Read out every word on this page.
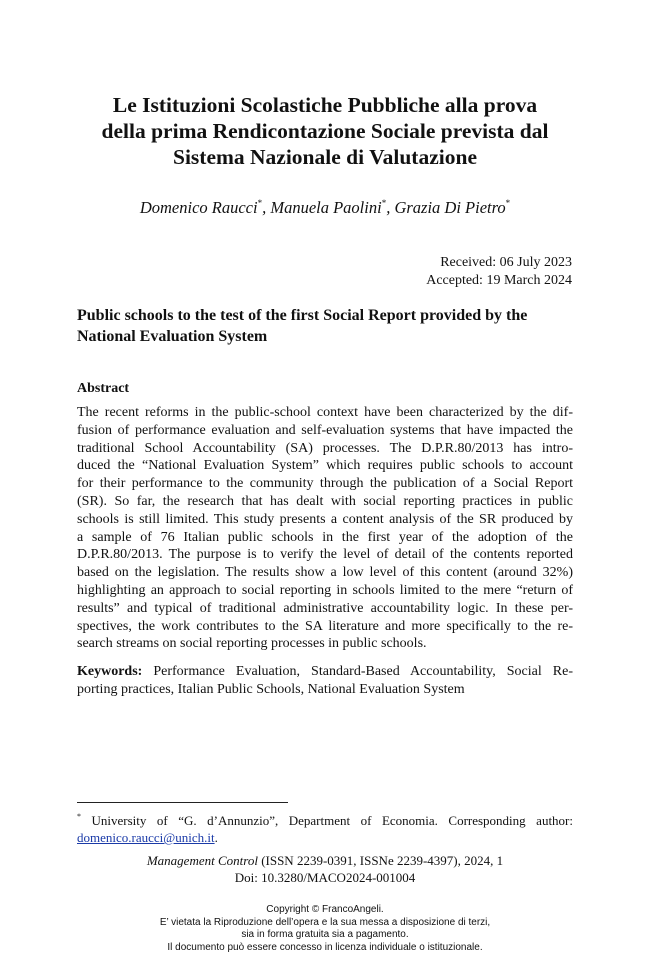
Le Istituzioni Scolastiche Pubbliche alla prova
della prima Rendicontazione Sociale prevista dal
Sistema Nazionale di Valutazione
Domenico Raucci*, Manuela Paolini*, Grazia Di Pietro*
Received: 06 July 2023
Accepted: 19 March 2024
Public schools to the test of the first Social Report provided by the
National Evaluation System
Abstract
The recent reforms in the public-school context have been characterized by the dif-
fusion of performance evaluation and self-evaluation systems that have impacted the
traditional School Accountability (SA) processes. The D.P.R.80/2013 has intro-
duced the “National Evaluation System” which requires public schools to account
for their performance to the community through the publication of a Social Report
(SR). So far, the research that has dealt with social reporting practices in public
schools is still limited. This study presents a content analysis of the SR produced by
a sample of 76 Italian public schools in the first year of the adoption of the
D.P.R.80/2013. The purpose is to verify the level of detail of the contents reported
based on the legislation. The results show a low level of this content (around 32%)
highlighting an approach to social reporting in schools limited to the mere “return of
results” and typical of traditional administrative accountability logic. In these per-
spectives, the work contributes to the SA literature and more specifically to the re-
search streams on social reporting processes in public schools.
Keywords: Performance Evaluation, Standard-Based Accountability, Social Re-
porting practices, Italian Public Schools, National Evaluation System
* University of “G. d’Annunzio”, Department of Economia. Corresponding author:
domenico.raucci@unich.it.
Management Control (ISSN 2239-0391, ISSNe 2239-4397), 2024, 1
Doi: 10.3280/MACO2024-001004
Copyright © FrancoAngeli.
E’ vietata la Riproduzione dell’opera e la sua messa a disposizione di terzi,
sia in forma gratuita sia a pagamento.
Il documento può essere concesso in licenza individuale o istituzionale.
